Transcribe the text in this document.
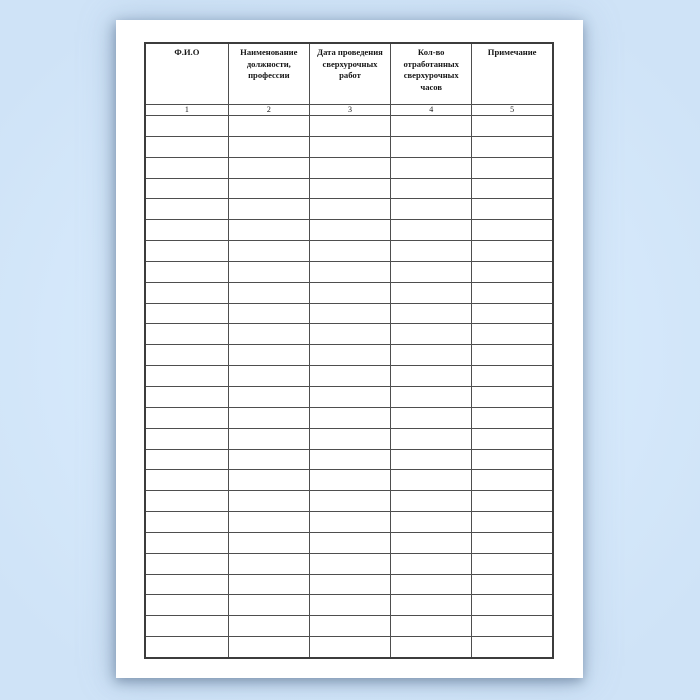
Ф.И.О	Наименование должности, профессии	Дата проведения сверхурочных работ	Кол-во отработанных сверхурочных часов	Примечание
1	2	3	4	5
